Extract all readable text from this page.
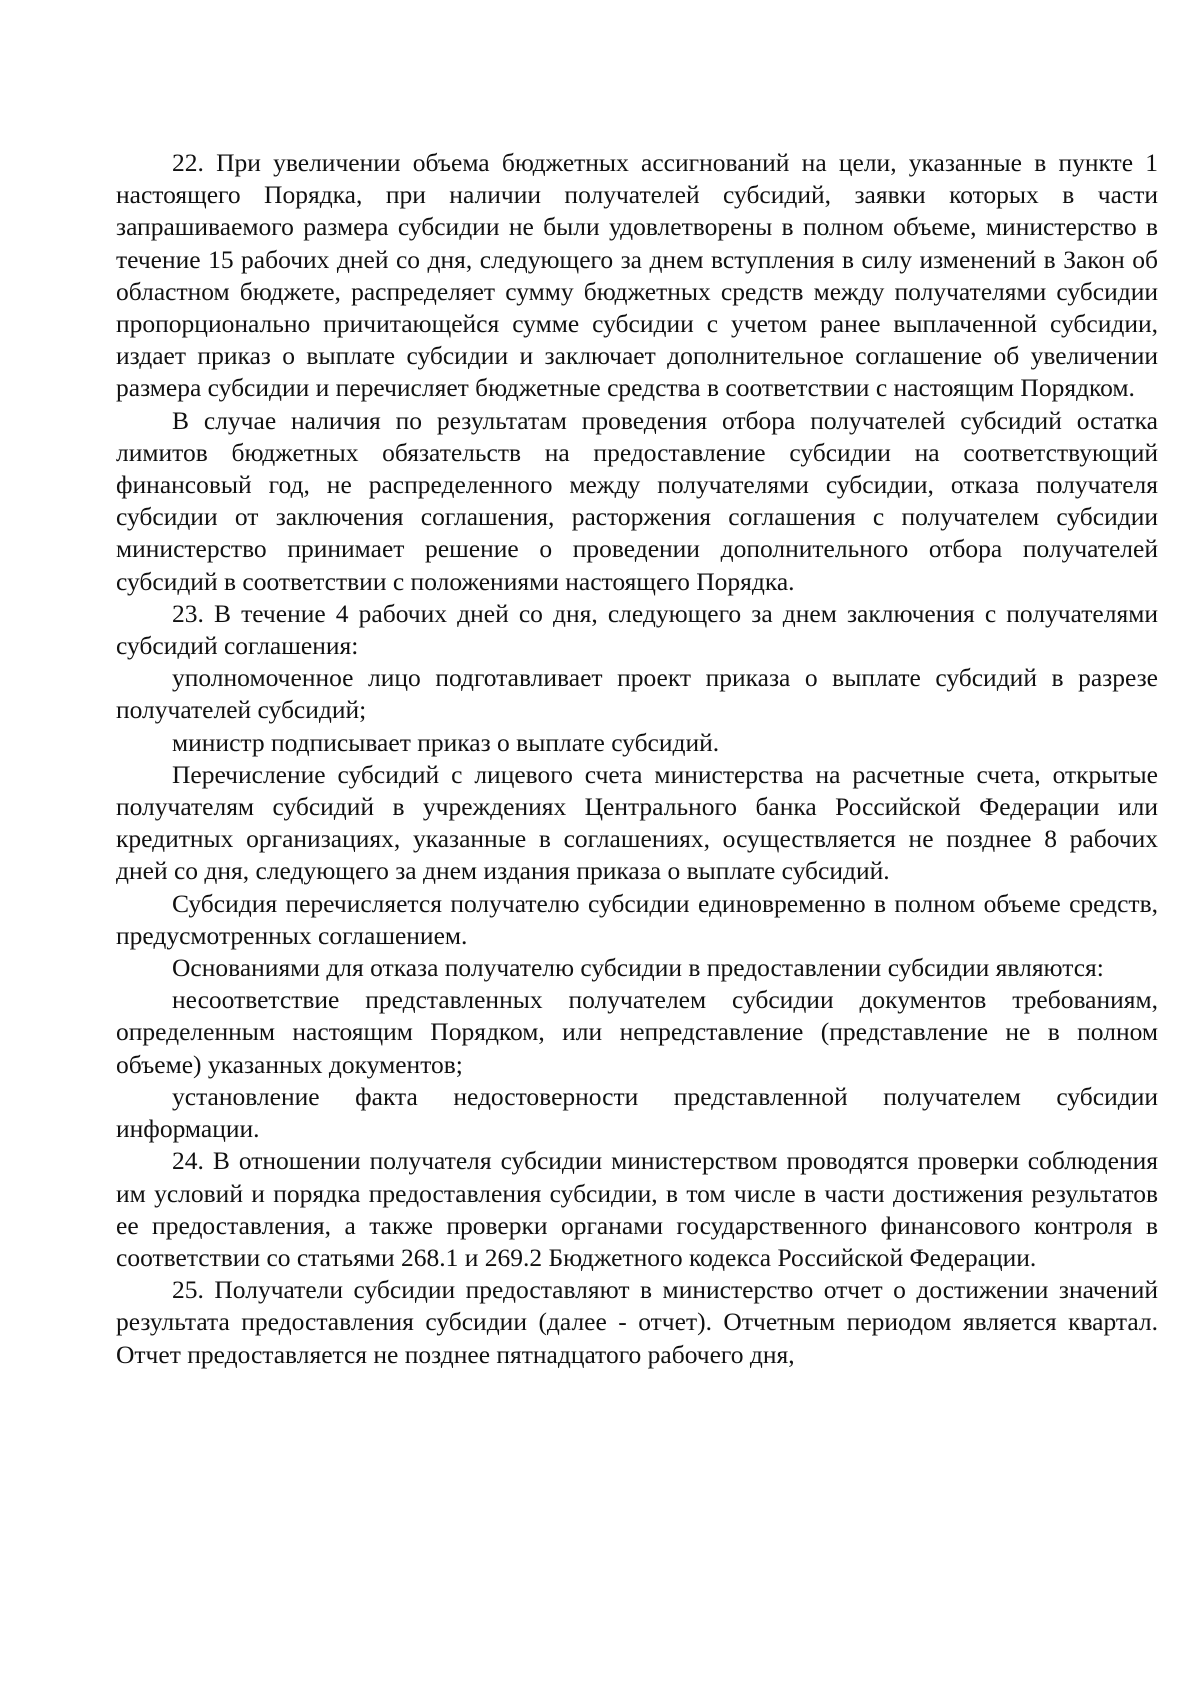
22. При увеличении объема бюджетных ассигнований на цели, указанные в пункте 1 настоящего Порядка, при наличии получателей субсидий, заявки которых в части запрашиваемого размера субсидии не были удовлетворены в полном объеме, министерство в течение 15 рабочих дней со дня, следующего за днем вступления в силу изменений в Закон об областном бюджете, распределяет сумму бюджетных средств между получателями субсидии пропорционально причитающейся сумме субсидии с учетом ранее выплаченной субсидии, издает приказ о выплате субсидии и заключает дополнительное соглашение об увеличении размера субсидии и перечисляет бюджетные средства в соответствии с настоящим Порядком.

В случае наличия по результатам проведения отбора получателей субсидий остатка лимитов бюджетных обязательств на предоставление субсидии на соответствующий финансовый год, не распределенного между получателями субсидии, отказа получателя субсидии от заключения соглашения, расторжения соглашения с получателем субсидии министерство принимает решение о проведении дополнительного отбора получателей субсидий в соответствии с положениями настоящего Порядка.

23. В течение 4 рабочих дней со дня, следующего за днем заключения с получателями субсидий соглашения:

уполномоченное лицо подготавливает проект приказа о выплате субсидий в разрезе получателей субсидий;

министр подписывает приказ о выплате субсидий.

Перечисление субсидий с лицевого счета министерства на расчетные счета, открытые получателям субсидий в учреждениях Центрального банка Российской Федерации или кредитных организациях, указанные в соглашениях, осуществляется не позднее 8 рабочих дней со дня, следующего за днем издания приказа о выплате субсидий.

Субсидия перечисляется получателю субсидии единовременно в полном объеме средств, предусмотренных соглашением.

Основаниями для отказа получателю субсидии в предоставлении субсидии являются:

несоответствие представленных получателем субсидии документов требованиям, определенным настоящим Порядком, или непредставление (представление не в полном объеме) указанных документов;

установление факта недостоверности представленной получателем субсидии информации.

24. В отношении получателя субсидии министерством проводятся проверки соблюдения им условий и порядка предоставления субсидии, в том числе в части достижения результатов ее предоставления, а также проверки органами государственного финансового контроля в соответствии со статьями 268.1 и 269.2 Бюджетного кодекса Российской Федерации.

25. Получатели субсидии предоставляют в министерство отчет о достижении значений результата предоставления субсидии (далее - отчет). Отчетным периодом является квартал. Отчет предоставляется не позднее пятнадцатого рабочего дня,
